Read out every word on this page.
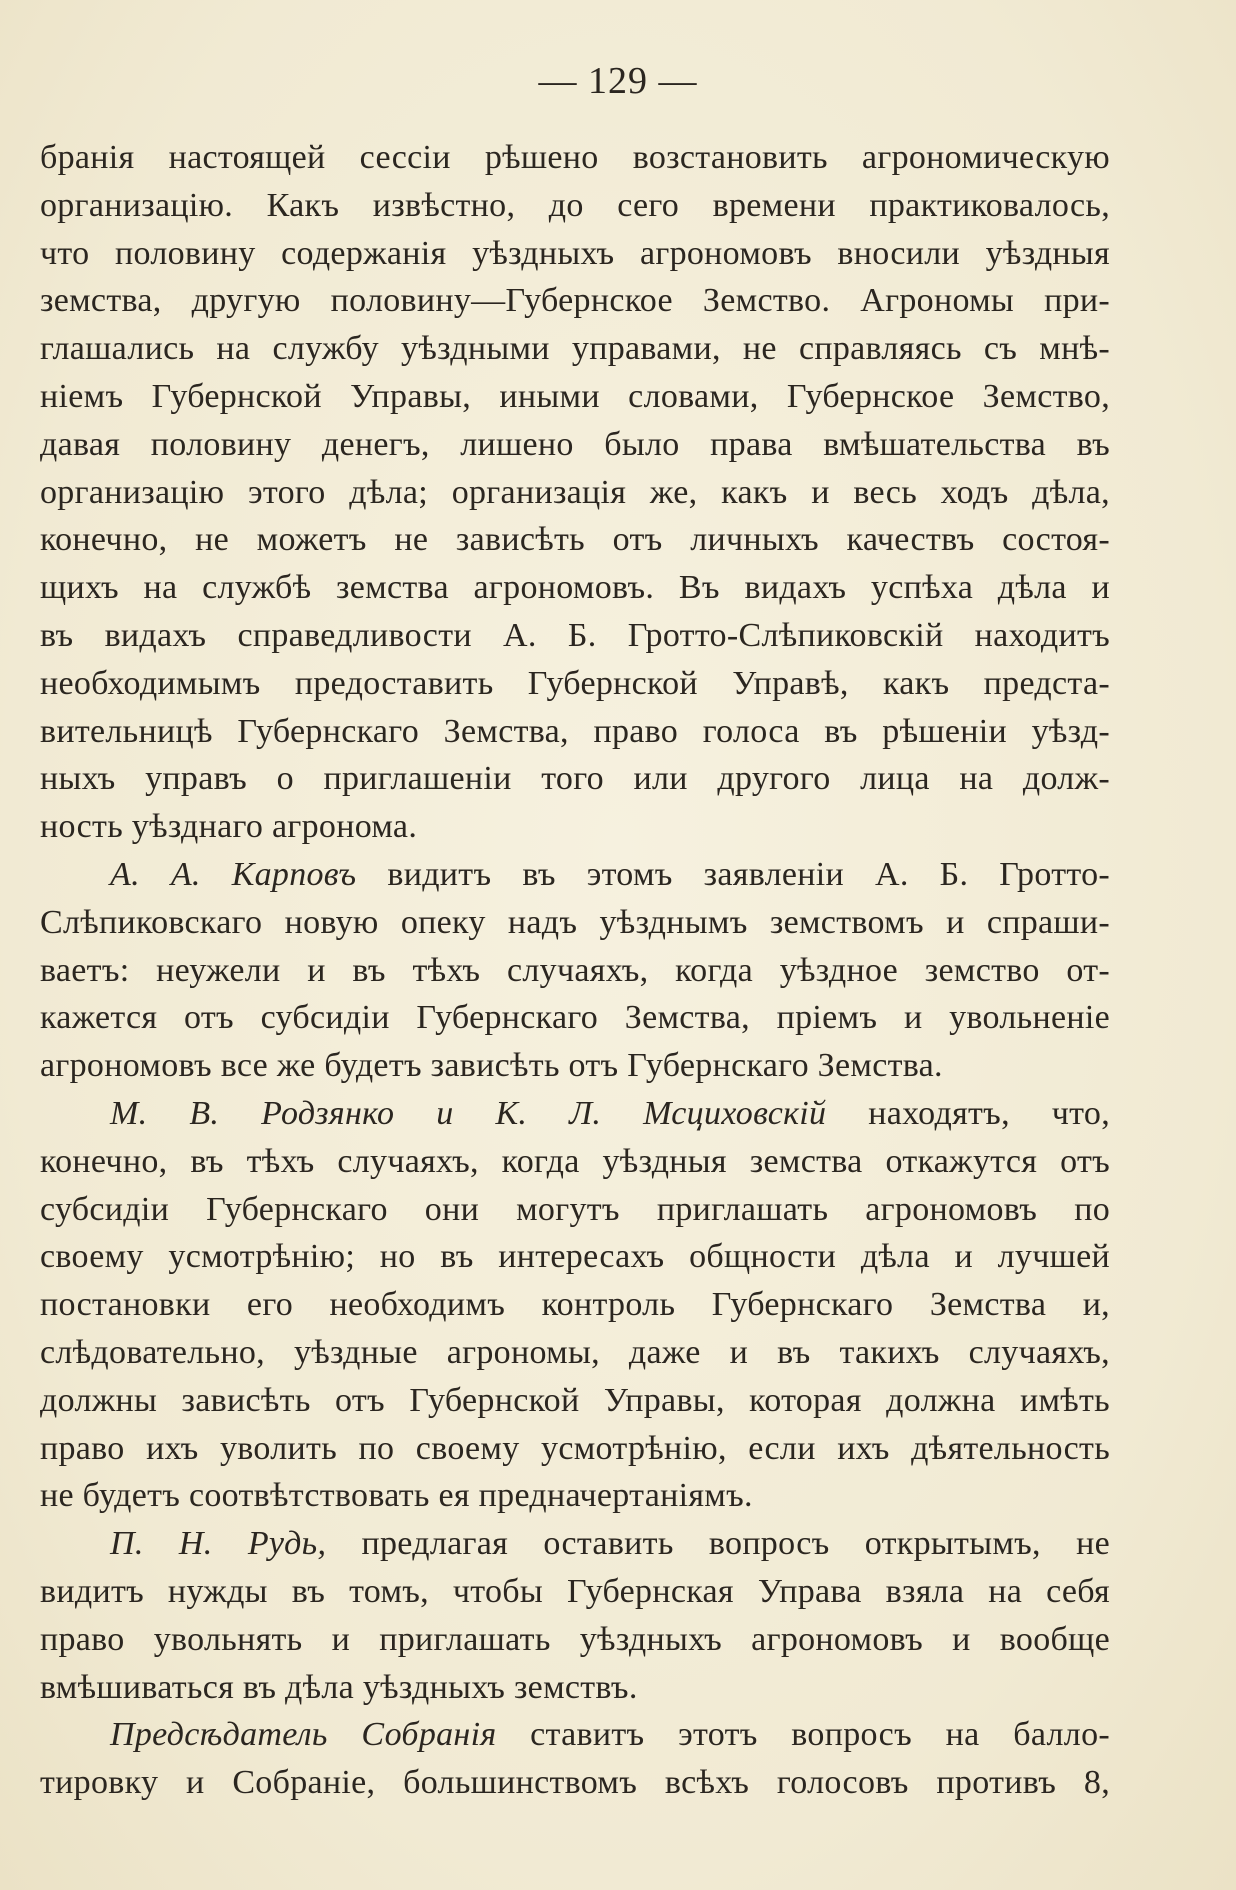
— 129 —
бранія настоящей сессіи рѣшено возстановить агрономическую
организацію. Какъ извѣстно, до сего времени практиковалось,
что половину содержанія уѣздныхъ агрономовъ вносили уѣздныя
земства, другую половину—Губернское Земство. Агрономы при-
глашались на службу уѣздными управами, не справляясь съ мнѣ-
ніемъ Губернской Управы, иными словами, Губернское Земство,
давая половину денегъ, лишено было права вмѣшательства въ
организацію этого дѣла; организація же, какъ и весь ходъ дѣла,
конечно, не можетъ не зависѣть отъ личныхъ качествъ состоя-
щихъ на службѣ земства агрономовъ. Въ видахъ успѣха дѣла и
въ видахъ справедливости А. Б. Гротто-Слѣпиковскій находитъ
необходимымъ предоставить Губернской Управѣ, какъ предста-
вительницѣ Губернскаго Земства, право голоса въ рѣшеніи уѣзд-
ныхъ управъ о приглашеніи того или другого лица на долж-
ность уѣзднаго агронома.
А. А. Карповъ видитъ въ этомъ заявленіи А. Б. Гротто-
Слѣпиковскаго новую опеку надъ уѣзднымъ земствомъ и спраши-
ваетъ: неужели и въ тѣхъ случаяхъ, когда уѣздное земство от-
кажется отъ субсидіи Губернскаго Земства, пріемъ и увольненіе
агрономовъ все же будетъ зависѣть отъ Губернскаго Земства.
М. В. Родзянко и К. Л. Мсциховскій находятъ, что,
конечно, въ тѣхъ случаяхъ, когда уѣздныя земства откажутся отъ
субсидіи Губернскаго они могутъ приглашать агрономовъ по
своему усмотрѣнію; но въ интересахъ общности дѣла и лучшей
постановки его необходимъ контроль Губернскаго Земства и,
слѣдовательно, уѣздные агрономы, даже и въ такихъ случаяхъ,
должны зависѣть отъ Губернской Управы, которая должна имѣть
право ихъ уволить по своему усмотрѣнію, если ихъ дѣятельность
не будетъ соотвѣтствовать ея предначертаніямъ.
П. Н. Рудь, предлагая оставить вопросъ открытымъ, не
видитъ нужды въ томъ, чтобы Губернская Управа взяла на себя
право увольнять и приглашать уѣздныхъ агрономовъ и вообще
вмѣшиваться въ дѣла уѣздныхъ земствъ.
Предсѣдатель Собранія ставитъ этотъ вопросъ на балло-
тировку и Собраніе, большинствомъ всѣхъ голосовъ противъ 8,
